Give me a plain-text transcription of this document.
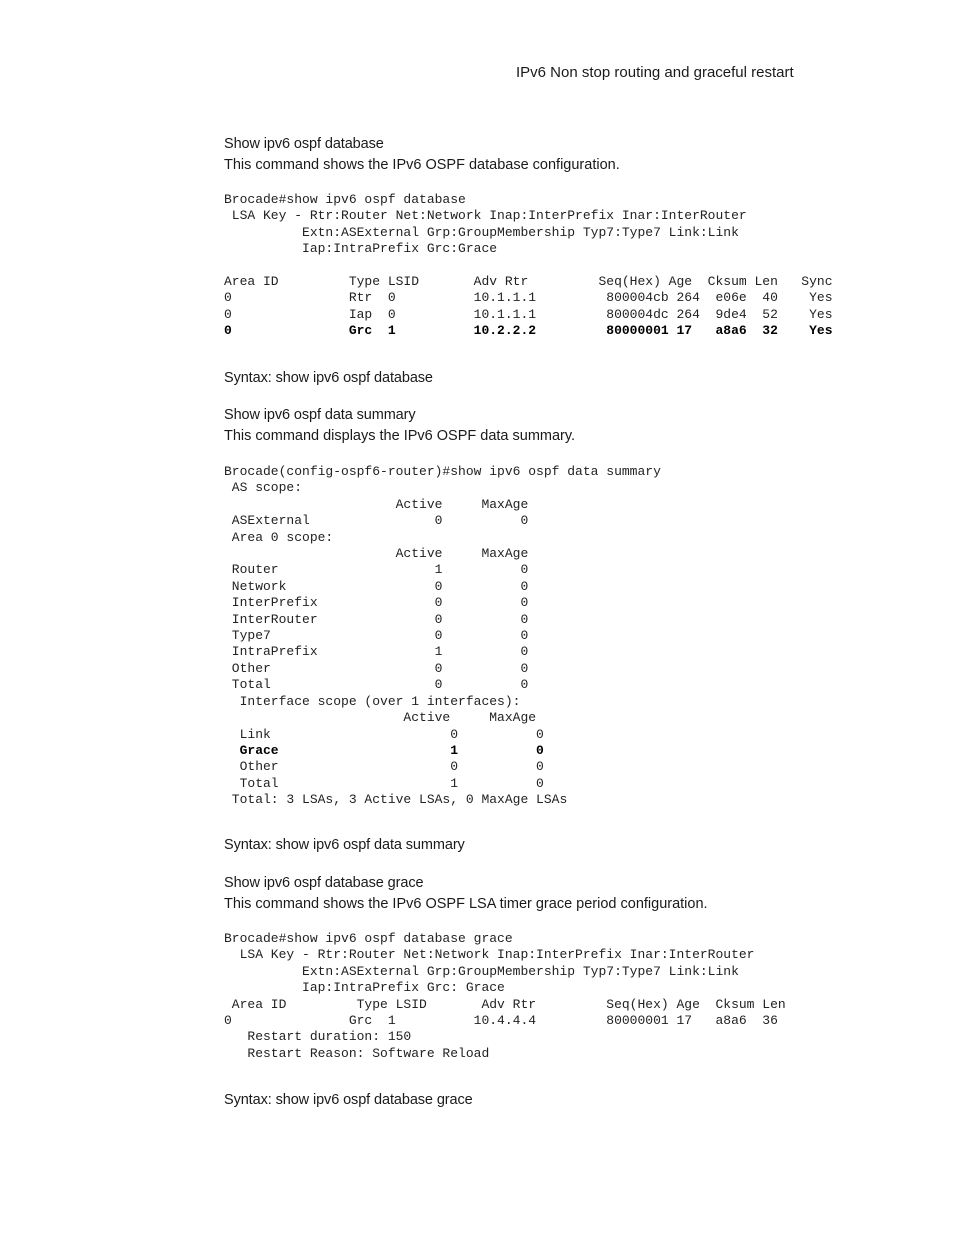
IPv6 Non stop routing and graceful restart
Show ipv6 ospf database
This command shows the IPv6 OSPF database configuration.
Brocade#show ipv6 ospf database
LSA Key - Rtr:Router Net:Network Inap:InterPrefix Inar:InterRouter
Extn:ASExternal Grp:GroupMembership Typ7:Type7 Link:Link
Iap:IntraPrefix Grc:Grace

Area ID         Type LSID       Adv Rtr         Seq(Hex) Age  Cksum Len   Sync
0               Rtr  0          10.1.1.1         800004cb 264  e06e  40    Yes
0               Iap  0          10.1.1.1         800004dc 264  9de4  52    Yes
0               Grc  1          10.2.2.2         80000001 17   a8a6  32    Yes
Syntax: show ipv6 ospf database
Show ipv6 ospf data summary
This command displays the IPv6 OSPF data summary.
Brocade(config-ospf6-router)#show ipv6 ospf data summary
AS scope:
Active     MaxAge
ASExternal                0          0
Area 0 scope:
Active     MaxAge
Router                    1          0
Network                   0          0
InterPrefix               0          0
InterRouter               0          0
Type7                     0          0
IntraPrefix               1          0
Other                     0          0
Total                     0          0
Interface scope (over 1 interfaces):
Active     MaxAge
Link                       0          0
Grace                      1          0
Other                      0          0
Total                      1          0
Total: 3 LSAs, 3 Active LSAs, 0 MaxAge LSAs
Syntax: show ipv6 ospf data summary
Show ipv6 ospf database grace
This command shows the IPv6 OSPF LSA timer grace period configuration.
Brocade#show ipv6 ospf database grace
LSA Key - Rtr:Router Net:Network Inap:InterPrefix Inar:InterRouter
Extn:ASExternal Grp:GroupMembership Typ7:Type7 Link:Link
Iap:IntraPrefix Grc: Grace
Area ID         Type LSID       Adv Rtr         Seq(Hex) Age  Cksum Len
0               Grc  1          10.4.4.4         80000001 17   a8a6  36
Restart duration: 150
Restart Reason: Software Reload
Syntax: show ipv6 ospf database grace
